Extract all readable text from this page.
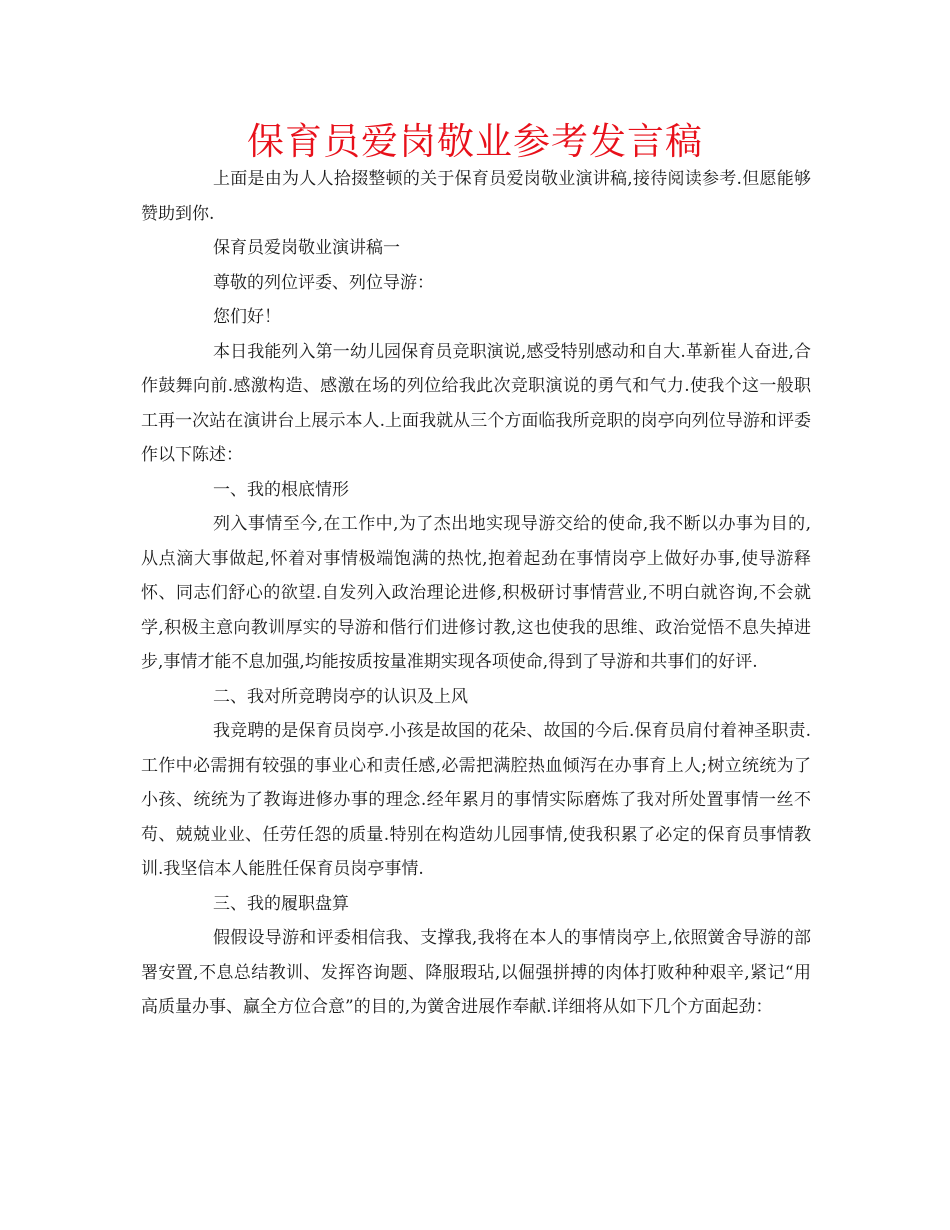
保育员爱岗敬业参考发言稿

上面是由为人人拾掇整顿的关于保育员爱岗敬业演讲稿,接待阅读参考.但愿能够赞助到你.

保育员爱岗敬业演讲稿一

尊敬的列位评委、列位导游：

您们好！

本日我能列入第一幼儿园保育员竞职演说,感受特别感动和自大.革新崔人奋进,合作鼓舞向前.感激构造、感激在场的列位给我此次竞职演说的勇气和气力.使我个这一般职工再一次站在演讲台上展示本人.上面我就从三个方面临我所竞职的岗亭向列位导游和评委作以下陈述：

一、我的根底情形

列入事情至今,在工作中,为了杰出地实现导游交给的使命,我不断以办事为目的,从点滴大事做起,怀着对事情极端饱满的热忱,抱着起劲在事情岗亭上做好办事,使导游释怀、同志们舒心的欲望.自发列入政治理论进修,积极研讨事情营业,不明白就咨询,不会就学,积极主意向教训厚实的导游和偕行们进修讨教,这也使我的思维、政治觉悟不息失掉进步,事情才能不息加强,均能按质按量准期实现各项使命,得到了导游和共事们的好评.

二、我对所竞聘岗亭的认识及上风

我竞聘的是保育员岗亭.小孩是故国的花朵、故国的今后.保育员肩付着神圣职责.工作中必需拥有较强的事业心和责任感,必需把满腔热血倾泻在办事育上人;树立统统为了小孩、统统为了教诲进修办事的理念.经年累月的事情实际磨炼了我对所处置事情一丝不苟、兢兢业业、任劳任怨的质量.特别在构造幼儿园事情,使我积累了必定的保育员事情教训.我坚信本人能胜任保育员岗亭事情.

三、我的履职盘算

假假设导游和评委相信我、支撑我,我将在本人的事情岗亭上,依照黉舍导游的部署安置,不息总结教训、发挥咨询题、降服瑕玷,以倔强拼搏的肉体打败种种艰辛,紧记“用高质量办事、赢全方位合意”的目的,为黉舍进展作奉献.详细将从如下几个方面起劲：
